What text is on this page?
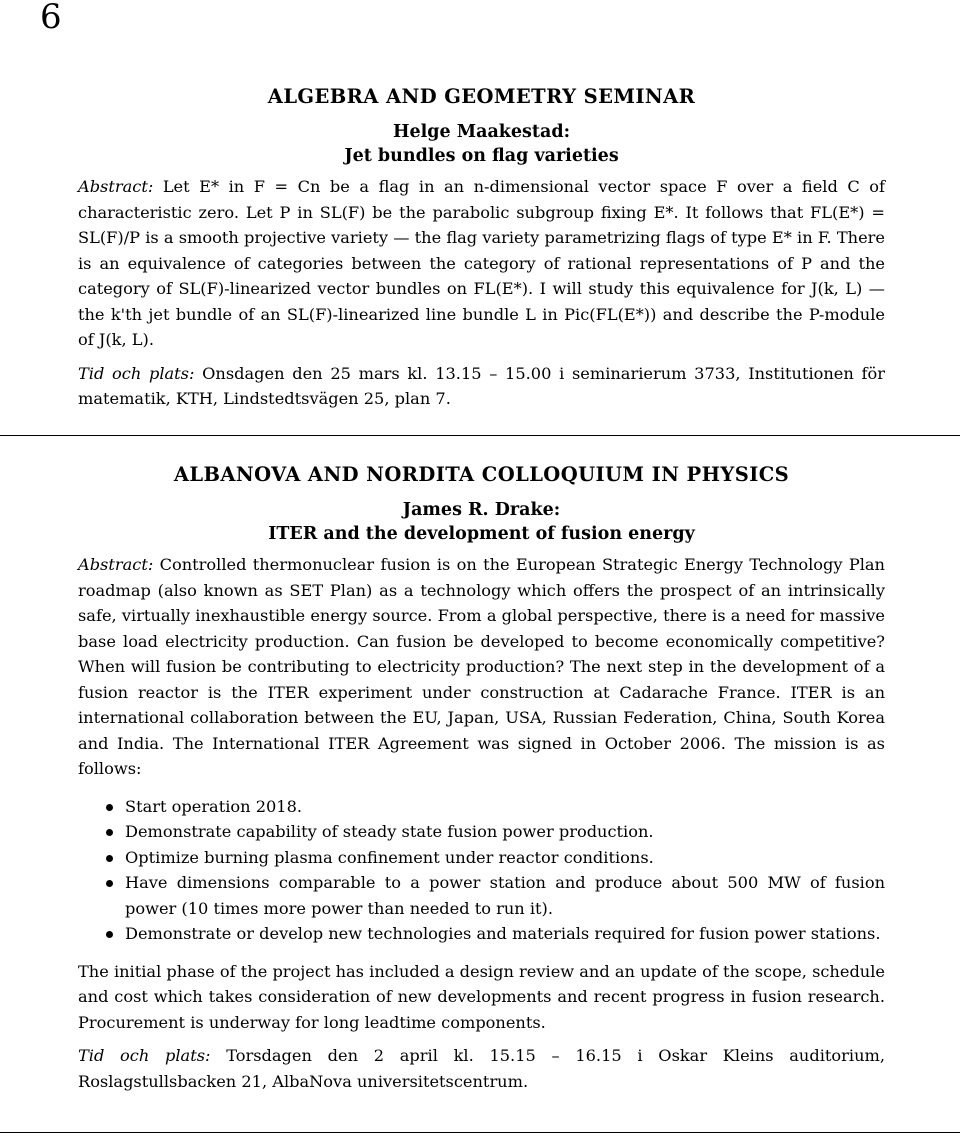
6
ALGEBRA AND GEOMETRY SEMINAR
Helge Maakestad:
Jet bundles on flag varieties

Abstract: Let E* in F = Cn be a flag in an n-dimensional vector space F over a field C of characteristic zero. Let P in SL(F) be the parabolic subgroup fixing E*. It follows that FL(E*) = SL(F)/P is a smooth projective variety — the flag variety parametrizing flags of type E* in F. There is an equivalence of categories between the category of rational representations of P and the category of SL(F)-linearized vector bundles on FL(E*). I will study this equivalence for J(k, L) — the k'th jet bundle of an SL(F)-linearized line bundle L in Pic(FL(E*)) and describe the P-module of J(k, L).

Tid och plats: Onsdagen den 25 mars kl. 13.15 – 15.00 i seminarierum 3733, Institutionen för matematik, KTH, Lindstedtsvägen 25, plan 7.

ALBANOVA AND NORDITA COLLOQUIUM IN PHYSICS
James R. Drake:
ITER and the development of fusion energy

Abstract: Controlled thermonuclear fusion is on the European Strategic Energy Technology Plan roadmap (also known as SET Plan) as a technology which offers the prospect of an intrinsically safe, virtually inexhaustible energy source. From a global perspective, there is a need for massive base load electricity production. Can fusion be developed to become economically competitive? When will fusion be contributing to electricity production? The next step in the development of a fusion reactor is the ITER experiment under construction at Cadarache France. ITER is an international collaboration between the EU, Japan, USA, Russian Federation, China, South Korea and India. The International ITER Agreement was signed in October 2006. The mission is as follows:

Start operation 2018.
Demonstrate capability of steady state fusion power production.
Optimize burning plasma confinement under reactor conditions.
Have dimensions comparable to a power station and produce about 500 MW of fusion power (10 times more power than needed to run it).
Demonstrate or develop new technologies and materials required for fusion power stations.

The initial phase of the project has included a design review and an update of the scope, schedule and cost which takes consideration of new developments and recent progress in fusion research. Procurement is underway for long leadtime components.

Tid och plats: Torsdagen den 2 april kl. 15.15 – 16.15 i Oskar Kleins auditorium, Roslagstullsbacken 21, AlbaNova universitetscentrum.
